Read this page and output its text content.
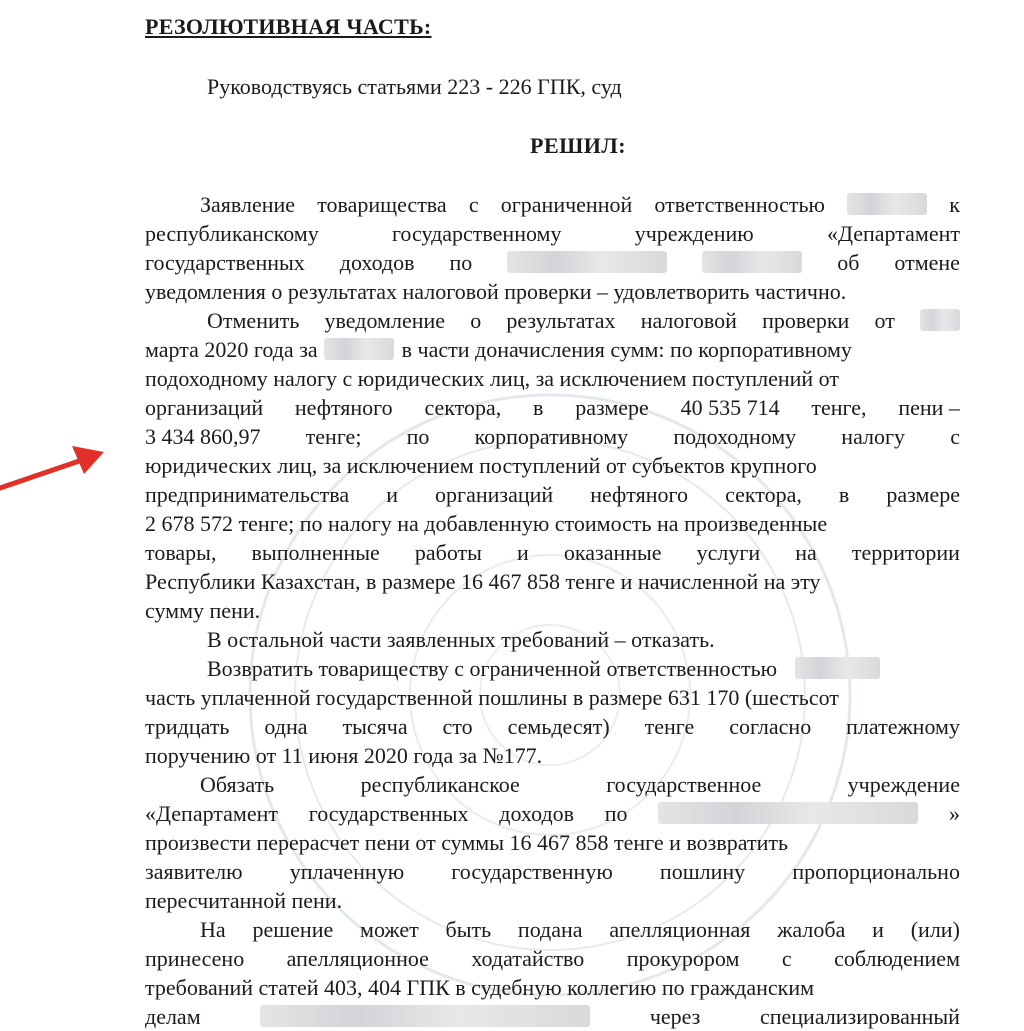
РЕЗОЛЮТИВНАЯ ЧАСТЬ:

Руководствуясь статьями 223 - 226 ГПК, суд

РЕШИЛ:

Заявление товарищества с ограниченной ответственностью	к
республиканскому	государственному	учреждению	«Департамент
государственных доходов по	об отмене
уведомления о результатах налоговой проверки – удовлетворить частично.
Отменить уведомление о результатах налоговой проверки от
марта 2020 года за	в части доначисления сумм: по корпоративному
подоходному налогу с юридических лиц, за исключением поступлений от
организаций нефтяного сектора, в размере 40 535 714 тенге, пени –
3 434 860,97 тенге; по корпоративному подоходному налогу с
юридических лиц, за исключением поступлений от субъектов крупного
предпринимательства и организаций нефтяного сектора, в размере
2 678 572 тенге; по налогу на добавленную стоимость на произведенные
товары, выполненные работы и оказанные услуги на территории
Республики Казахстан, в размере 16 467 858 тенге и начисленной на эту
сумму пени.
В остальной части заявленных требований – отказать.
Возвратить товариществу с ограниченной ответственностью
часть уплаченной государственной пошлины в размере 631 170 (шестьсот
тридцать одна тысяча сто семьдесят) тенге согласно платежному
поручению от 11 июня 2020 года за №177.
Обязать	республиканское	государственное	учреждение
«Департамент государственных доходов по	»
произвести перерасчет пени от суммы 16 467 858 тенге и возвратить
заявителю уплаченную государственную пошлину пропорционально
пересчитанной пени.
На решение может быть подана апелляционная жалоба и (или)
принесено апелляционное ходатайство прокурором с соблюдением
требований статей 403, 404 ГПК в судебную коллегию по гражданским
делам	через	специализированный
